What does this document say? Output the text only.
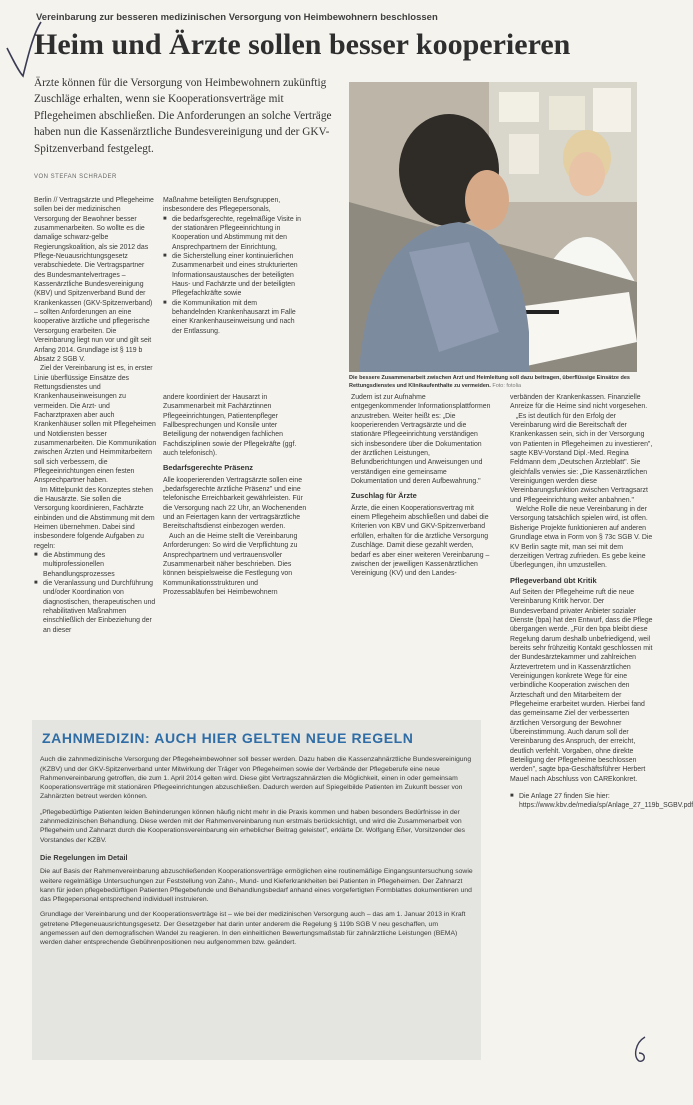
Vereinbarung zur besseren medizinischen Versorgung von Heimbewohnern beschlossen
Heim und Ärzte sollen besser kooperieren
Ärzte können für die Versorgung von Heimbewohnern zukünftig Zuschläge erhalten, wenn sie Kooperationsverträge mit Pflegeheimen abschließen. Die Anforderungen an solche Verträge haben nun die Kassenärztliche Bundesvereinigung und der GKV-Spitzenverband festgelegt.
VON STEFAN SCHRADER

Berlin // Vertragsärzte und Pflegeheime sollen bei der medizinischen Versorgung der Bewohner besser zusammenarbeiten. So wollte es die damalige schwarz-gelbe Regierungskoalition, als sie 2012 das Pflege-Neuausrichtungsgesetz verabschiedete. Die Vertragspartner des Bundesmantelvertrages – Kassenärztliche Bundesvereinigung (KBV) und Spitzenverband Bund der Krankenkassen (GKV-Spitzenverband) – sollten Anforderungen an eine kooperative ärztliche und pflegerische Versorgung erarbeiten. Die Vereinbarung liegt nun vor und gilt seit Anfang 2014. Grundlage ist § 119 b Absatz 2 SGB V.

Ziel der Vereinbarung ist es, in erster Linie überflüssige Einsätze des Rettungsdienstes und Krankenhauseinweisungen zu vermeiden. Die Arzt- und Facharztpraxen aber auch Krankenhäuser sollen mit Pflegeheimen und Notdiensten besser zusammenarbeiten. Die Kommunikation zwischen Ärzten und Heimmitarbeitern soll sich verbessern, die Pflegeeinrichtungen einen festen Ansprechpartner haben.

Im Mittelpunkt des Konzeptes stehen die Hausärzte. Sie sollen die Versorgung koordinieren, Fachärzte einbinden und die Abstimmung mit dem Heimen übernehmen. Dabei sind insbesondere folgende Aufgaben zu regeln:

■ die Abstimmung des multiprofessionellen Behandlungsprozesses
■ die Veranlassung und Durchführung und/oder Koordination von diagnostischen, therapeutischen und rehabilitativen Maßnahmen einschließlich der Einbeziehung der an dieser

Maßnahme beteiligten Berufsgruppen, insbesondere des Pflegepersonals,

■ die bedarfsgerechte, regelmäßige Visite in der stationären Pflegeeinrichtung in Kooperation und Abstimmung mit den Ansprechpartnern der Einrichtung,
■ die Sicherstellung einer kontinuierlichen Zusammenarbeit und eines strukturierten Informationsaustausches der beteiligten Haus- und Fachärzte und der beteiligten Pflegefachkräfte sowie
■ die Kommunikation mit dem behandelnden Krankenhausarzt im Falle einer Krankenhauseinweisung und nach der Entlassung.

andere koordiniert der Hausarzt in Zusammenarbeit mit Fachärztinnen Pflegeeinrichtungen, Patientenpfleger Fallbesprechungen und Konsile unter Beteiligung der notwendigen fachlichen Fachdisziplinen sowie der Pflegekräfte (ggf. auch telefonisch).

Bedarfsgerechte Präsenz

Alle kooperierenden Vertragsärzte sollen eine „bedarfsgerechte ärztliche Präsenz" und eine telefonische Erreichbarkeit gewährleisten. Für die Versorgung nach 22 Uhr, an Wochenenden und an Feiertagen kann der vertragsärztliche Bereitschaftsdienst einbezogen werden.

Auch an die Heime stellt die Vereinbarung Anforderungen: So wird die Verpflichtung zu Ansprechpartnern und vertrauensvoller Zusammenarbeit näher beschrieben. Dies können beispielsweise die Festlegung von Kommunikationsstrukturen und Prozessabläufen bei Heimbewohnern

Die bessere Zusammenarbeit zwischen Arzt und Heimleitung soll dazu beitragen, überflüssige Einsätze des Rettungsdienstes und Klinikaufenthalte zu vermeiden. Foto: fotolia

Zudem ist zur Aufnahme entgegenkommender Informationsplattformen anzustreben. Weiter heißt es: „Die kooperierenden Vertragsärzte und die stationäre Pflegeeinrichtung verständigen sich insbesondere über die Dokumentation der ärztlichen Leistungen, Befundberichtungen und Anweisungen und verständigen eine gemeinsame Dokumentation und deren Aufbewahrung."

Zuschlag für Ärzte

Ärzte, die einen Kooperationsvertrag mit einem Pflegeheim abschließen und dabei die Kriterien von KBV und GKV-Spitzenverband erfüllen, erhalten für die ärztliche Versorgung Zuschläge. Damit diese gezahlt werden, bedarf es aber einer weiteren Vereinbarung – zwischen der jeweiligen Kassenärztlichen Vereinigung (KV) und den Landes-

verbänden der Krankenkassen. Finanzielle Anreize für die Heime sind nicht vorgesehen.

„Es ist deutlich für den Erfolg der Vereinbarung wird die Bereitschaft der Krankenkassen sein, sich in der Versorgung von Patienten in Pflegeheimen zu investieren", sagte KBV-Vorstand Dipl.-Med. Regina Feldmann dem „Deutschen Ärzteblatt". Sie gleichfalls verwies sie: „Die Kassenärztlichen Vereinigungen werden diese Vereinbarungsfunktion zwischen Vertragsarzt und Pflegeeinrichtung weiter anbahnen."

Welche Rolle die neue Vereinbarung in der Versorgung tatsächlich spielen wird, ist offen. Bisherige Projekte funktionieren auf anderen Grundlage etwa in Form von § 73c SGB V. Die KV Berlin sagte mit, man sei mit dem derzeitigen Vertrag zufrieden. Es gebe keine Überlegungen, ihn umzustellen.

Pflegeverband übt Kritik

Auf Seiten der Pflegeheime ruft die neue Vereinbarung Kritik hervor. Der Bundesverband privater Anbieter sozialer Dienste (bpa) hat den Entwurf, dass die Pflege übergangen werde. „Für den bpa bleibt diese Regelung darum deshalb unbefriedigend, weil bereits sehr frühzeitig Kontakt geschlossen mit der Bundesärztekammer und zahlreichen Ärztevertretern und in Kassenärztlichen Vereinigungen konkrete Wege für eine verbindliche Kooperation zwischen den Ärzteschaft und den Mitarbeitern der Pflegeheime erarbeitet wurden. Hierbei fand das gemeinsame Ziel der verbesserten ärztlichen Versorgung der Bewohner Übereinstimmung. Auch darum soll der Vereinbarung des Anspruch, der erreicht, deutlich verfehlt. Vorgaben, ohne direkte Beteiligung der Pflegeheime beschlossen werden", sagte bpa-Geschäftsführer Herbert Mauel nach Abschluss von CAREkonkret.

■ Die Anlage 27 finden Sie hier: https://www.kbv.de/media/sp/Anlage_27_119b_SGBV.pdf
ZAHNMEDIZIN: AUCH HIER GELTEN NEUE REGELN

Auch die zahnmedizinische Versorgung der Pflegeheimbewohner soll besser werden. Dazu haben die Kassenzahnärztliche Bundesvereinigung (KZBV) und der GKV-Spitzenverband unter Mitwirkung der Träger von Pflegeheimen sowie der Verbände der Pflegeberufe eine neue Rahmenvereinbarung getroffen, die zum 1. April 2014 gelten wird. Diese gibt Vertragszahnärzten die Möglichkeit, einen in oder gemeinsam Kooperationsverträge mit stationären Pflegeeinrichtungen abzuschließen. Dadurch werden auf Spiegelbilde Patienten im Zukunft besser von Zahnärzten betreut werden können.

„Pflegebedürftige Patienten leiden Behinderungen können häufig nicht mehr in die Praxis kommen und haben besonders Bedürfnisse in der zahnmedizinischen Behandlung. Diese werden mit der Rahmenvereinbarung nun erstmals berücksichtigt, und wird die Zusammenarbeit von Pflegeheim und Zahnarzt durch die Kooperationsvereinbarung ein erheblicher Beitrag geleistet", erklärte Dr. Wolfgang Eßer, Vorsitzender des Vorstandes der KZBV.

Die Regelungen im Detail

Die auf Basis der Rahmenvereinbarung abzuschließenden Kooperationsverträge ermöglichen eine routinemäßige Eingangsuntersuchung sowie weitere regelmäßige Untersuchungen zur Feststellung von Zahn-, Mund- und Kieferkrankheiten bei Patienten in Pflegeheimen. Der Zahnarzt kann für jeden pflegebedürftigen Patienten Pflegebefunde und Behandlungsbedarf anhand eines vorgefertigten Formblattes dokumentieren und das Pflegepersonal entsprechend individuell instruieren.

Grundlage der Vereinbarung und der Kooperationsverträge ist – wie bei der medizinischen Versorgung auch – das am 1. Januar 2013 in Kraft getretene Pflegeneuausrichtungsgesetz. Der Gesetzgeber hat darin unter anderem die Regelung § 119b SGB V neu geschaffen, um angemessen auf den demografischen Wandel zu reagieren. In den einheitlichen Bewertungsmaßstab für zahnärztliche Leistungen (BEMA) werden daher entsprechende Gebührenpositionen neu aufgenommen bzw. geändert.
